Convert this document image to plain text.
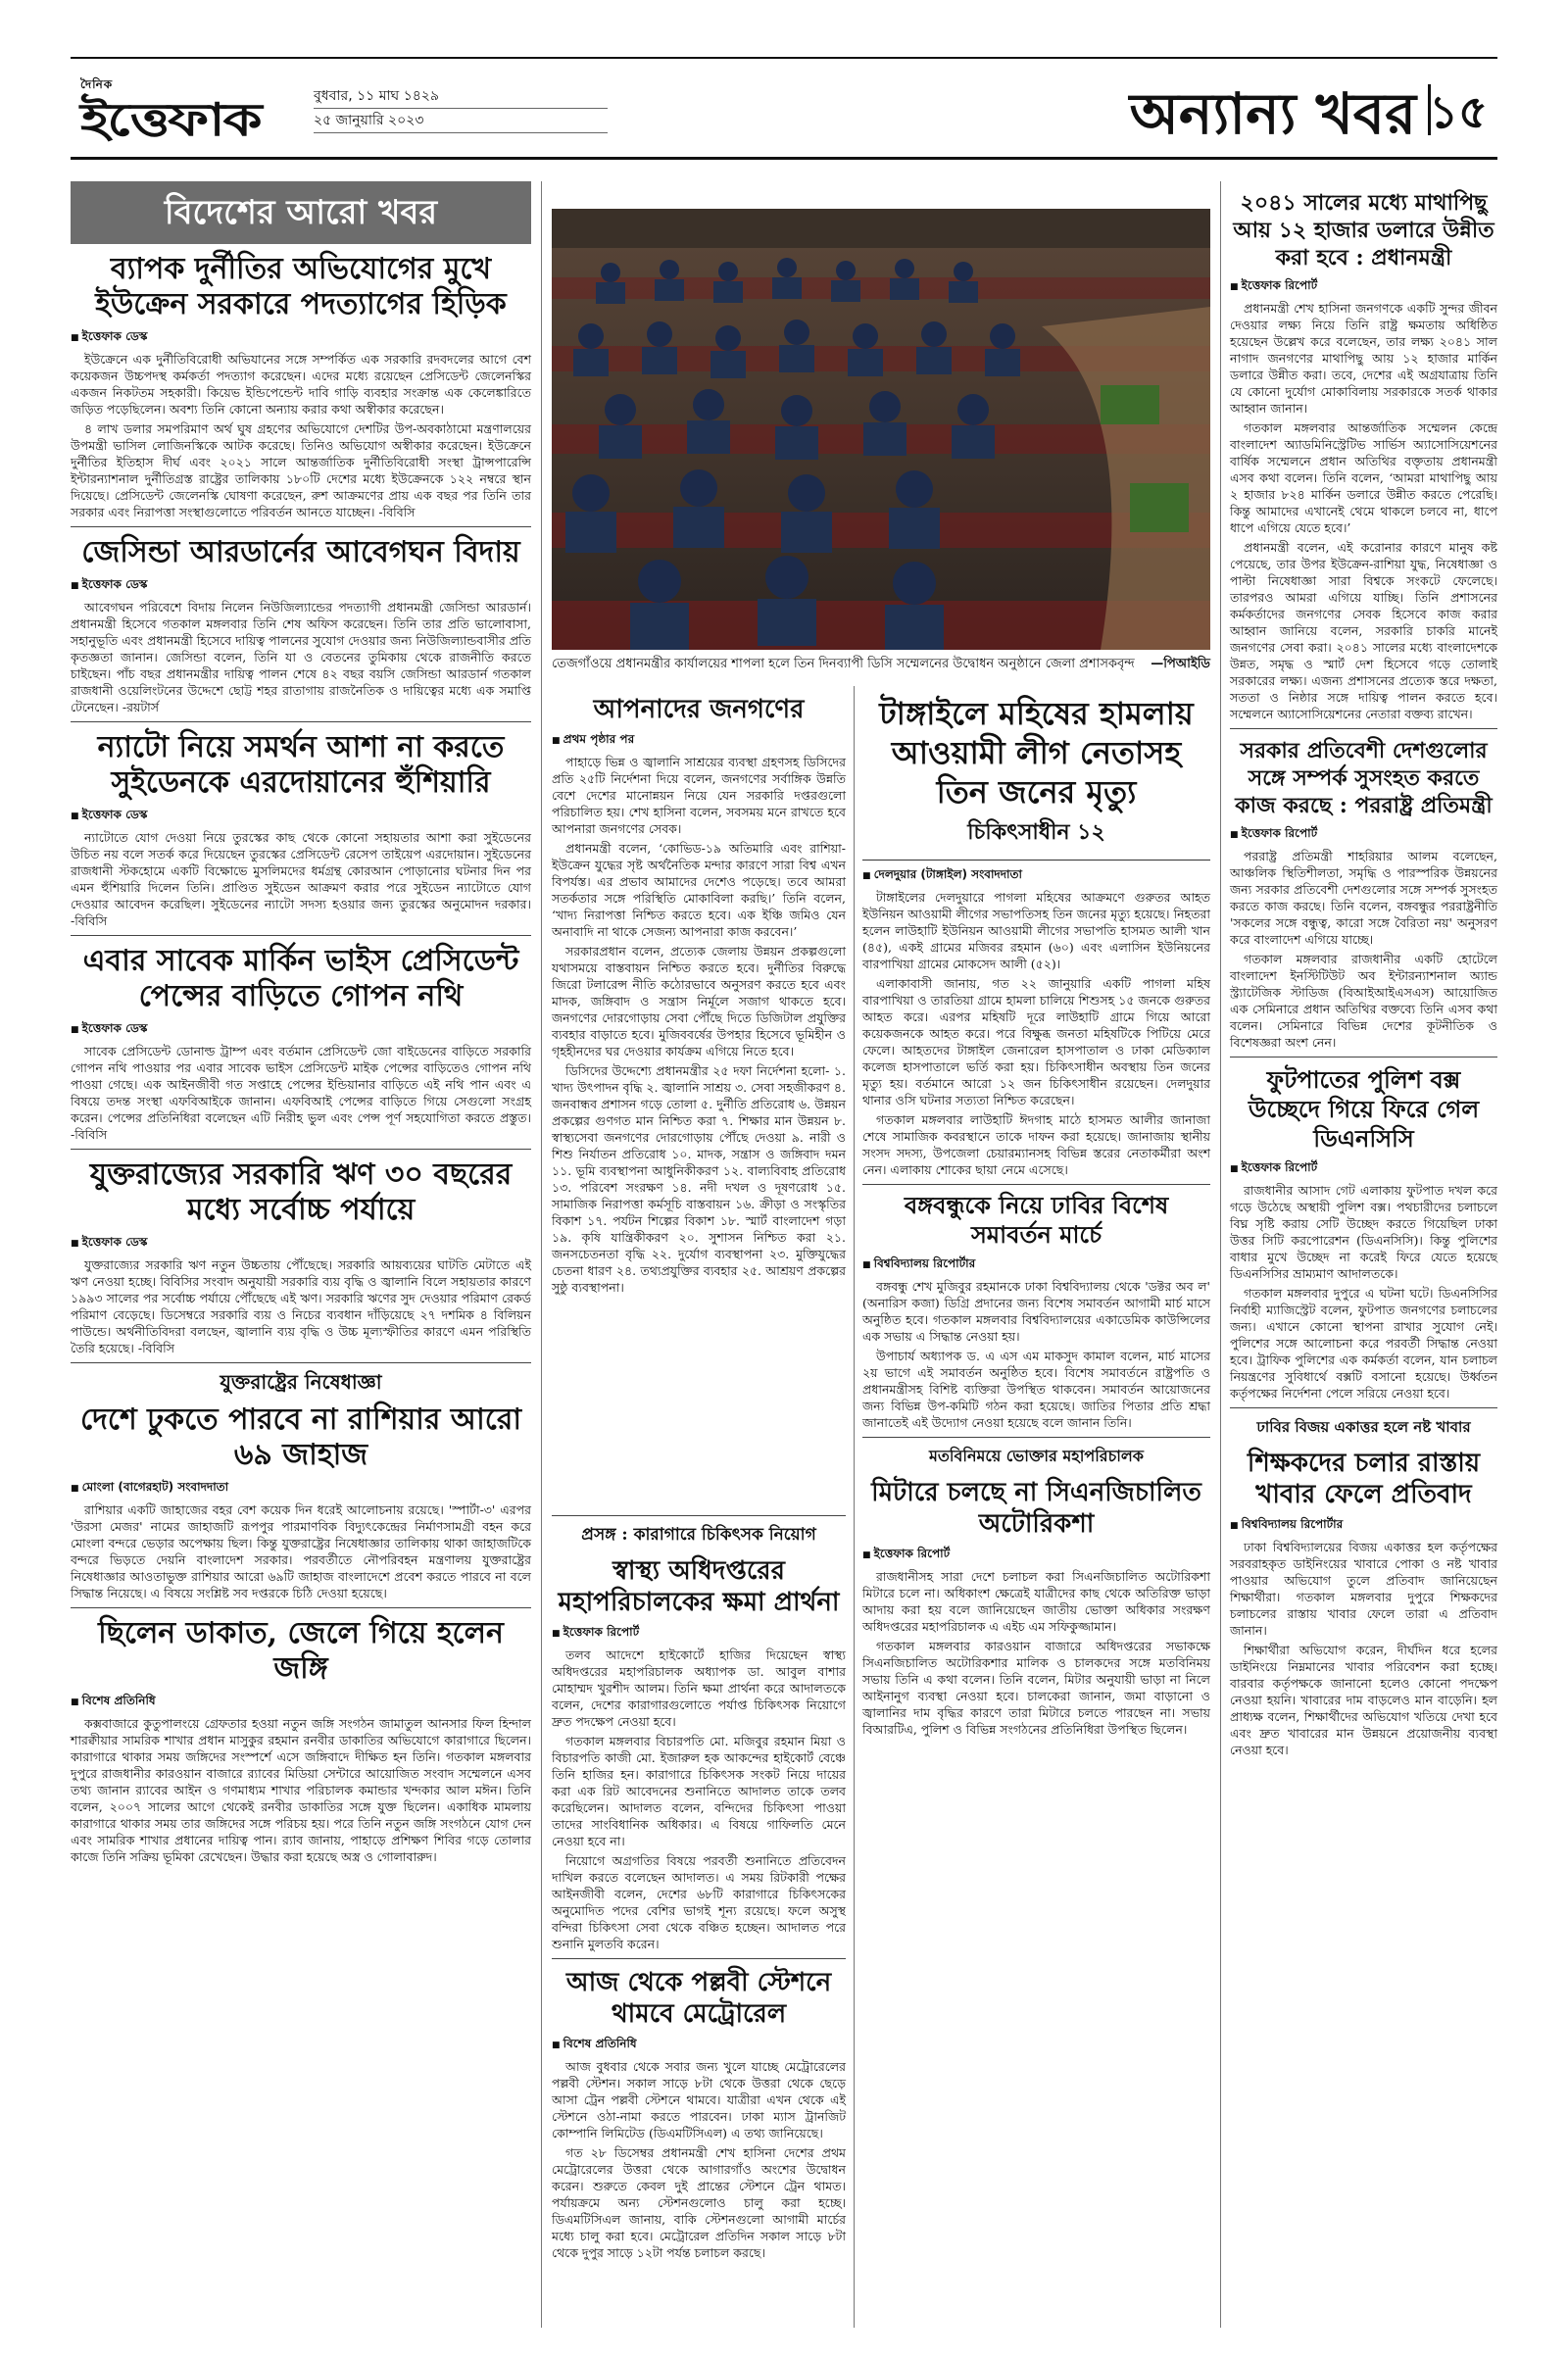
দৈনিক
ইত্তেফাক	বুধবার, ১১ মাঘ ১৪২৯
২৫ জানুয়ারি ২০২৩	অন্যান্য খবর ১৫
বিদেশের আরো খবর
ব্যাপক দুর্নীতির অভিযোগের মুখে ইউক্রেন সরকারে পদত্যাগের হিড়িক
■ ইত্তেফাক ডেস্ক

ইউক্রেনে এক দুর্নীতিবিরোধী অভিযানের সঙ্গে সম্পর্কিত এক সরকারি রদবদলের আগে বেশ কয়েকজন উচ্চপদস্থ কর্মকর্তা পদত্যাগ করেছেন। এদের মধ্যে রয়েছেন প্রেসিডেন্ট জেলেনস্কির একজন নিকটতম সহকারী। কিয়েভ ইন্ডিপেন্ডেন্ট দাবি গাড়ি ব্যবহার সংক্রান্ত এক কেলেঙ্কারিতে জড়িত পড়েছিলেন। অবশ্য তিনি কোনো অন্যায় করার কথা অস্বীকার করেছেন।

৪ লাখ ডলার সমপরিমাণ অর্থ ঘুষ গ্রহণের অভিযোগে দেশটির উপ-অবকাঠামো মন্ত্রণালয়ের উপমন্ত্রী ভাসিল লোজিনস্কিকে আটক করেছে। তিনিও অভিযোগ অস্বীকার করেছেন। ইউক্রেনে দুর্নীতির ইতিহাস দীর্ঘ এবং ২০২১ সালে আন্তর্জাতিক দুর্নীতিবিরোধী সংস্থা ট্রান্সপারেন্সি ইন্টারন্যাশনাল দুর্নীতিগ্রস্ত রাষ্ট্রের তালিকায় ১৮০টি দেশের মধ্যে ইউক্রেনকে ১২২ নম্বরে স্থান দিয়েছে। প্রেসিডেন্ট জেলেনস্কি ঘোষণা করেছেন, রুশ আক্রমণের প্রায় এক বছর পর তিনি তার সরকার এবং নিরাপত্তা সংস্থাগুলোতে পরিবর্তন আনতে যাচ্ছেন। -বিবিসি

জেসিন্ডা আরডার্নের আবেগঘন বিদায়
■ ইত্তেফাক ডেস্ক

আবেগঘন পরিবেশে বিদায় নিলেন নিউজিল্যান্ডের পদত্যাগী প্রধানমন্ত্রী জেসিন্ডা আরডার্ন। প্রধানমন্ত্রী হিসেবে গতকাল মঙ্গলবার তিনি শেষ অফিস করেছেন। তিনি তার প্রতি ভালোবাসা, সহানুভূতি এবং প্রধানমন্ত্রী হিসেবে দায়িত্ব পালনের সুযোগ দেওয়ার জন্য নিউজিল্যান্ডবাসীর প্রতি কৃতজ্ঞতা জানান। জেসিন্ডা বলেন, তিনি যা ও বেতনের তুমিকায় থেকে রাজনীতি করতে চাইছেন। পাঁচ বছর প্রধানমন্ত্রীর দায়িত্ব পালন শেষে ৪২ বছর বয়সি জেসিন্ডা আরডার্ন গতকাল রাজধানী ওয়েলিংটনের উদ্দেশে ছোট্ট শহর রাতাগায় রাজনৈতিক ও দায়িত্বের মধ্যে এক সমাপ্তি টেনেছেন। -রয়টার্স

ন্যাটো নিয়ে সমর্থন আশা না করতে সুইডেনকে এরদোয়ানের হুঁশিয়ারি
■ ইত্তেফাক ডেস্ক

ন্যাটোতে যোগ দেওয়া নিয়ে তুরস্কের কাছ থেকে কোনো সহায়তার আশা করা সুইডেনের উচিত নয় বলে সতর্ক করে দিয়েছেন তুরস্কের প্রেসিডেন্ট রেসেপ তাইয়েপ এরদোয়ান। সুইডেনের রাজধানী স্টকহোমে একটি বিক্ষোভে মুসলিমদের ধর্মগ্রন্থ কোরআন পোড়ানোর ঘটনার দিন পর এমন হুঁশিয়ারি দিলেন তিনি। প্রাণ্ডিত সুইডেন আক্রমণ করার পরে সুইডেন ন্যাটোতে যোগ দেওয়ার আবেদন করেছিল। সুইডেনের ন্যাটো সদস্য হওয়ার জন্য তুরস্কের অনুমোদন দরকার। -বিবিসি

এবার সাবেক মার্কিন ভাইস প্রেসিডেন্ট পেন্সের বাড়িতে গোপন নথি
■ ইত্তেফাক ডেস্ক

সাবেক প্রেসিডেন্ট ডোনাল্ড ট্রাম্প এবং বর্তমান প্রেসিডেন্ট জো বাইডেনের বাড়িতে সরকারি গোপন নথি পাওয়ার পর এবার সাবেক ভাইস প্রেসিডেন্ট মাইক পেন্সের বাড়িতেও গোপন নথি পাওয়া গেছে। এক আইনজীবী গত সপ্তাহে পেন্সের ইন্ডিয়ানার বাড়িতে এই নথি পান এবং এ বিষয়ে তদন্ত সংস্থা এফবিআইকে জানান। এফবিআই পেন্সের বাড়িতে গিয়ে সেগুলো সংগ্রহ করেন। পেন্সের প্রতিনিধিরা বলেছেন এটি নিরীহ ভুল এবং পেন্স পূর্ণ সহযোগিতা করতে প্রস্তুত। -বিবিসি

যুক্তরাজ্যের সরকারি ঋণ ৩০ বছরের মধ্যে সর্বোচ্চ পর্যায়ে
■ ইত্তেফাক ডেস্ক

যুক্তরাজ্যের সরকারি ঋণ নতুন উচ্চতায় পৌঁছেছে। সরকারি আয়ব্যয়ের ঘাটতি মেটাতে এই ঋণ নেওয়া হচ্ছে। বিবিসির সংবাদ অনুযায়ী সরকারি ব্যয় বৃদ্ধি ও জ্বালানি বিলে সহায়তার কারণে ১৯৯৩ সালের পর সর্বোচ্চ পর্যায়ে পৌঁছেছে এই ঋণ। সরকারি ঋণের সুদ দেওয়ার পরিমাণ রেকর্ড পরিমাণ বেড়েছে। ডিসেম্বরে সরকারি ব্যয় ও নিচের ব্যবধান দাঁড়িয়েছে ২৭ দশমিক ৪ বিলিয়ন পাউন্ডে। অর্থনীতিবিদরা বলছেন, জ্বালানি ব্যয় বৃদ্ধি ও উচ্চ মূল্যস্ফীতির কারণে এমন পরিস্থিতি তৈরি হয়েছে। -বিবিসি

যুক্তরাষ্ট্রের নিষেধাজ্ঞা
দেশে ঢুকতে পারবে না রাশিয়ার আরো ৬৯ জাহাজ
■ মোংলা (বাগেরহাট) সংবাদদাতা

রাশিয়ার একটি জাহাজের বহর বেশ কয়েক দিন ধরেই আলোচনায় রয়েছে। 'স্পার্টা-৩' এরপর 'উরসা মেজর' নামের জাহাজটি রূপপুর পারমাণবিক বিদ্যুৎকেন্দ্রের নির্মাণসামগ্রী বহন করে মোংলা বন্দরে ভেড়ার অপেক্ষায় ছিল। কিন্তু যুক্তরাষ্ট্রের নিষেধাজ্ঞার তালিকায় থাকা জাহাজটিকে বন্দরে ভিড়তে দেয়নি বাংলাদেশ সরকার। পরবর্তীতে নৌপরিবহন মন্ত্রণালয় যুক্তরাষ্ট্রের নিষেধাজ্ঞার আওতাভুক্ত রাশিয়ার আরো ৬৯টি জাহাজ বাংলাদেশে প্রবেশ করতে পারবে না বলে সিদ্ধান্ত নিয়েছে। এ বিষয়ে সংশ্লিষ্ট সব দপ্তরকে চিঠি দেওয়া হয়েছে।

ছিলেন ডাকাত, জেলে গিয়ে হলেন জঙ্গি
■ বিশেষ প্রতিনিধি

কক্সবাজারে কুতুপালংয়ে গ্রেফতার হওয়া নতুন জঙ্গি সংগঠন জামাতুল আনসার ফিল হিন্দাল শারক্বীয়ার সামরিক শাখার প্রধান মাসুকুর রহমান রনবীর ডাকাতির অভিযোগে কারাগারে ছিলেন। কারাগারে থাকার সময় জঙ্গিদের সংস্পর্শে এসে জঙ্গিবাদে দীক্ষিত হন তিনি। গতকাল মঙ্গলবার দুপুরে রাজধানীর কারওয়ান বাজারে র‍্যাবের মিডিয়া সেন্টারে আয়োজিত সংবাদ সম্মেলনে এসব তথ্য জানান র‍্যাবের আইন ও গণমাধ্যম শাখার পরিচালক কমান্ডার খন্দকার আল মঈন। তিনি বলেন, ২০০৭ সালের আগে থেকেই রনবীর ডাকাতির সঙ্গে যুক্ত ছিলেন। একাধিক মামলায় কারাগারে থাকার সময় তার জঙ্গিদের সঙ্গে পরিচয় হয়। পরে তিনি নতুন জঙ্গি সংগঠনে যোগ দেন এবং সামরিক শাখার প্রধানের দায়িত্ব পান। র‍্যাব জানায়, পাহাড়ে প্রশিক্ষণ শিবির গড়ে তোলার কাজে তিনি সক্রিয় ভূমিকা রেখেছেন। উদ্ধার করা হয়েছে অস্ত্র ও গোলাবারুদ।

তেজগাঁওয়ে প্রধানমন্ত্রীর কার্যালয়ের শাপলা হলে তিন দিনব্যাপী ডিসি সম্মেলনের উদ্বোধন অনুষ্ঠানে জেলা প্রশাসকবৃন্দ —পিআইডি
আপনাদের জনগণের
■ প্রথম পৃষ্ঠার পর

পাহাড়ে ভিন্ন ও জ্বালানি সাশ্রয়ের ব্যবস্থা গ্রহণসহ ডিসিদের প্রতি ২৫টি নির্দেশনা দিয়ে বলেন, জনগণের সর্বাঙ্গিক উন্নতি বেশে দেশের মানোন্নয়ন নিয়ে যেন সরকারি দপ্তরগুলো পরিচালিত হয়। শেখ হাসিনা বলেন, সবসময় মনে রাখতে হবে আপনারা জনগণের সেবক।

প্রধানমন্ত্রী বলেন, ‘কোভিড-১৯ অতিমারি এবং রাশিয়া-ইউক্রেন যুদ্ধের সৃষ্ট অর্থনৈতিক মন্দার কারণে সারা বিশ্ব এখন বিপর্যস্ত। এর প্রভাব আমাদের দেশেও পড়েছে। তবে আমরা সতর্কতার সঙ্গে পরিস্থিতি মোকাবিলা করছি।’ তিনি বলেন, ‘খাদ্য নিরাপত্তা নিশ্চিত করতে হবে। এক ইঞ্চি জমিও যেন অনাবাদি না থাকে সেজন্য আপনারা কাজ করবেন।’

সরকারপ্রধান বলেন, প্রত্যেক জেলায় উন্নয়ন প্রকল্পগুলো যথাসময়ে বাস্তবায়ন নিশ্চিত করতে হবে। দুর্নীতির বিরুদ্ধে জিরো টলারেন্স নীতি কঠোরভাবে অনুসরণ করতে হবে এবং মাদক, জঙ্গিবাদ ও সন্ত্রাস নির্মূলে সজাগ থাকতে হবে। জনগণের দোরগোড়ায় সেবা পৌঁছে দিতে ডিজিটাল প্রযুক্তির ব্যবহার বাড়াতে হবে। মুজিববর্ষের উপহার হিসেবে ভূমিহীন ও গৃহহীনদের ঘর দেওয়ার কার্যক্রম এগিয়ে নিতে হবে।

ডিসিদের উদ্দেশ্যে প্রধানমন্ত্রীর ২৫ দফা নির্দেশনা হলো- ১. খাদ্য উৎপাদন বৃদ্ধি ২. জ্বালানি সাশ্রয় ৩. সেবা সহজীকরণ ৪. জনবান্ধব প্রশাসন গড়ে তোলা ৫. দুর্নীতি প্রতিরোধ ৬. উন্নয়ন প্রকল্পের গুণগত মান নিশ্চিত করা ৭. শিক্ষার মান উন্নয়ন ৮. স্বাস্থ্যসেবা জনগণের দোরগোড়ায় পৌঁছে দেওয়া ৯. নারী ও শিশু নির্যাতন প্রতিরোধ ১০. মাদক, সন্ত্রাস ও জঙ্গিবাদ দমন ১১. ভূমি ব্যবস্থাপনা আধুনিকীকরণ ১২. বাল্যবিবাহ প্রতিরোধ ১৩. পরিবেশ সংরক্ষণ ১৪. নদী দখল ও দূষণরোধ ১৫. সামাজিক নিরাপত্তা কর্মসূচি বাস্তবায়ন ১৬. ক্রীড়া ও সংস্কৃতির বিকাশ ১৭. পর্যটন শিল্পের বিকাশ ১৮. স্মার্ট বাংলাদেশ গড়া ১৯. কৃষি যান্ত্রিকীকরণ ২০. সুশাসন নিশ্চিত করা ২১. জনসচেতনতা বৃদ্ধি ২২. দুর্যোগ ব্যবস্থাপনা ২৩. মুক্তিযুদ্ধের চেতনা ধারণ ২৪. তথ্যপ্রযুক্তির ব্যবহার ২৫. আশ্রয়ণ প্রকল্পের সুষ্ঠু ব্যবস্থাপনা।

টাঙ্গাইলে মহিষের হামলায় আওয়ামী লীগ নেতাসহ তিন জনের মৃত্যু
চিকিৎসাধীন ১২
■ দেলদুয়ার (টাঙ্গাইল) সংবাদদাতা

টাঙ্গাইলের দেলদুয়ারে পাগলা মহিষের আক্রমণে গুরুতর আহত ইউনিয়ন আওয়ামী লীগের সভাপতিসহ তিন জনের মৃত্যু হয়েছে। নিহতরা হলেন লাউহাটি ইউনিয়ন আওয়ামী লীগের সভাপতি হাসমত আলী খান (৪৫), একই গ্রামের মজিবর রহমান (৬০) এবং এলাসিন ইউনিয়নের বারপাখিয়া গ্রামের মোকসেদ আলী (৫২)।

এলাকাবাসী জানায়, গত ২২ জানুয়ারি একটি পাগলা মহিষ বারপাখিয়া ও তারতিয়া গ্রামে হামলা চালিয়ে শিশুসহ ১৫ জনকে গুরুতর আহত করে। এরপর মহিষটি দূরে লাউহাটি গ্রামে গিয়ে আরো কয়েকজনকে আহত করে। পরে বিক্ষুব্ধ জনতা মহিষটিকে পিটিয়ে মেরে ফেলে। আহতদের টাঙ্গাইল জেনারেল হাসপাতাল ও ঢাকা মেডিক্যাল কলেজ হাসপাতালে ভর্তি করা হয়। চিকিৎসাধীন অবস্থায় তিন জনের মৃত্যু হয়। বর্তমানে আরো ১২ জন চিকিৎসাধীন রয়েছেন। দেলদুয়ার থানার ওসি ঘটনার সত্যতা নিশ্চিত করেছেন।

গতকাল মঙ্গলবার লাউহাটি ঈদগাহ মাঠে হাসমত আলীর জানাজা শেষে সামাজিক কবরস্থানে তাকে দাফন করা হয়েছে। জানাজায় স্থানীয় সংসদ সদস্য, উপজেলা চেয়ারম্যানসহ বিভিন্ন স্তরের নেতাকর্মীরা অংশ নেন। এলাকায় শোকের ছায়া নেমে এসেছে।

বঙ্গবন্ধুকে নিয়ে ঢাবির বিশেষ সমাবর্তন মার্চে
■ বিশ্ববিদ্যালয় রিপোর্টার

বঙ্গবন্ধু শেখ মুজিবুর রহমানকে ঢাকা বিশ্ববিদ্যালয় থেকে 'ডক্টর অব ল' (অনারিস কজা) ডিগ্রি প্রদানের জন্য বিশেষ সমাবর্তন আগামী মার্চ মাসে অনুষ্ঠিত হবে। গতকাল মঙ্গলবার বিশ্ববিদ্যালয়ের একাডেমিক কাউন্সিলের এক সভায় এ সিদ্ধান্ত নেওয়া হয়।

উপাচার্য অধ্যাপক ড. এ এস এম মাকসুদ কামাল বলেন, মার্চ মাসের ২য় ভাগে এই সমাবর্তন অনুষ্ঠিত হবে। বিশেষ সমাবর্তনে রাষ্ট্রপতি ও প্রধানমন্ত্রীসহ বিশিষ্ট ব্যক্তিরা উপস্থিত থাকবেন। সমাবর্তন আয়োজনের জন্য বিভিন্ন উপ-কমিটি গঠন করা হয়েছে। জাতির পিতার প্রতি শ্রদ্ধা জানাতেই এই উদ্যোগ নেওয়া হয়েছে বলে জানান তিনি।

মতবিনিময়ে ভোক্তার মহাপরিচালক
মিটারে চলছে না সিএনজিচালিত অটোরিকশা
■ ইত্তেফাক রিপোর্ট

রাজধানীসহ সারা দেশে চলাচল করা সিএনজিচালিত অটোরিকশা মিটারে চলে না। অধিকাংশ ক্ষেত্রেই যাত্রীদের কাছ থেকে অতিরিক্ত ভাড়া আদায় করা হয় বলে জানিয়েছেন জাতীয় ভোক্তা অধিকার সংরক্ষণ অধিদপ্তরের মহাপরিচালক এ এইচ এম সফিকুজ্জামান।

গতকাল মঙ্গলবার কারওয়ান বাজারে অধিদপ্তরের সভাকক্ষে সিএনজিচালিত অটোরিকশার মালিক ও চালকদের সঙ্গে মতবিনিময় সভায় তিনি এ কথা বলেন। তিনি বলেন, মিটার অনুযায়ী ভাড়া না নিলে আইনানুগ ব্যবস্থা নেওয়া হবে। চালকেরা জানান, জমা বাড়ানো ও জ্বালানির দাম বৃদ্ধির কারণে তারা মিটারে চলতে পারছেন না। সভায় বিআরটিএ, পুলিশ ও বিভিন্ন সংগঠনের প্রতিনিধিরা উপস্থিত ছিলেন।

প্রসঙ্গ : কারাগারে চিকিৎসক নিয়োগ
স্বাস্থ্য অধিদপ্তরের মহাপরিচালকের ক্ষমা প্রার্থনা
■ ইত্তেফাক রিপোর্ট

তলব আদেশে হাইকোর্টে হাজির দিয়েছেন স্বাস্থ্য অধিদপ্তরের মহাপরিচালক অধ্যাপক ডা. আবুল বাশার মোহাম্মদ খুরশীদ আলম। তিনি ক্ষমা প্রার্থনা করে আদালতকে বলেন, দেশের কারাগারগুলোতে পর্যাপ্ত চিকিৎসক নিয়োগে দ্রুত পদক্ষেপ নেওয়া হবে।

গতকাল মঙ্গলবার বিচারপতি মো. মজিবুর রহমান মিয়া ও বিচারপতি কাজী মো. ইজারুল হক আকন্দের হাইকোর্ট বেঞ্চে তিনি হাজির হন। কারাগারে চিকিৎসক সংকট নিয়ে দায়ের করা এক রিট আবেদনের শুনানিতে আদালত তাকে তলব করেছিলেন। আদালত বলেন, বন্দিদের চিকিৎসা পাওয়া তাদের সাংবিধানিক অধিকার। এ বিষয়ে গাফিলতি মেনে নেওয়া হবে না।

নিয়োগে অগ্রগতির বিষয়ে পরবর্তী শুনানিতে প্রতিবেদন দাখিল করতে বলেছেন আদালত। এ সময় রিটকারী পক্ষের আইনজীবী বলেন, দেশের ৬৮টি কারাগারে চিকিৎসকের অনুমোদিত পদের বেশির ভাগই শূন্য রয়েছে। ফলে অসুস্থ বন্দিরা চিকিৎসা সেবা থেকে বঞ্চিত হচ্ছেন। আদালত পরে শুনানি মুলতবি করেন।

আজ থেকে পল্লবী স্টেশনে থামবে মেট্রোরেল
■ বিশেষ প্রতিনিধি

আজ বুধবার থেকে সবার জন্য খুলে যাচ্ছে মেট্রোরেলের পল্লবী স্টেশন। সকাল সাড়ে ৮টা থেকে উত্তরা থেকে ছেড়ে আসা ট্রেন পল্লবী স্টেশনে থামবে। যাত্রীরা এখন থেকে এই স্টেশনে ওঠা-নামা করতে পারবেন। ঢাকা ম্যাস ট্রানজিট কোম্পানি লিমিটেড (ডিএমটিসিএল) এ তথ্য জানিয়েছে।

গত ২৮ ডিসেম্বর প্রধানমন্ত্রী শেখ হাসিনা দেশের প্রথম মেট্রোরেলের উত্তরা থেকে আগারগাঁও অংশের উদ্বোধন করেন। শুরুতে কেবল দুই প্রান্তের স্টেশনে ট্রেন থামত। পর্যায়ক্রমে অন্য স্টেশনগুলোও চালু করা হচ্ছে। ডিএমটিসিএল জানায়, বাকি স্টেশনগুলো আগামী মার্চের মধ্যে চালু করা হবে। মেট্রোরেল প্রতিদিন সকাল সাড়ে ৮টা থেকে দুপুর সাড়ে ১২টা পর্যন্ত চলাচল করছে।

২০৪১ সালের মধ্যে মাথাপিছু আয় ১২ হাজার ডলারে উন্নীত করা হবে : প্রধানমন্ত্রী
■ ইত্তেফাক রিপোর্ট

প্রধানমন্ত্রী শেখ হাসিনা জনগণকে একটি সুন্দর জীবন দেওয়ার লক্ষ্য নিয়ে তিনি রাষ্ট্র ক্ষমতায় অধিষ্ঠিত হয়েছেন উল্লেখ করে বলেছেন, তার লক্ষ্য ২০৪১ সাল নাগাদ জনগণের মাথাপিছু আয় ১২ হাজার মার্কিন ডলারে উন্নীত করা। তবে, দেশের এই অগ্রযাত্রায় তিনি যে কোনো দুর্যোগ মোকাবিলায় সরকারকে সতর্ক থাকার আহ্বান জানান।

গতকাল মঙ্গলবার আন্তর্জাতিক সম্মেলন কেন্দ্রে বাংলাদেশ অ্যাডমিনিস্ট্রেটিভ সার্ভিস অ্যাসোসিয়েশনের বার্ষিক সম্মেলনে প্রধান অতিথির বক্তৃতায় প্রধানমন্ত্রী এসব কথা বলেন। তিনি বলেন, ‘আমরা মাথাপিছু আয় ২ হাজার ৮২৪ মার্কিন ডলারে উন্নীত করতে পেরেছি। কিন্তু আমাদের এখানেই থেমে থাকলে চলবে না, ধাপে ধাপে এগিয়ে যেতে হবে।’

প্রধানমন্ত্রী বলেন, এই করোনার কারণে মানুষ কষ্ট পেয়েছে, তার উপর ইউক্রেন-রাশিয়া যুদ্ধ, নিষেধাজ্ঞা ও পাল্টা নিষেধাজ্ঞা সারা বিশ্বকে সংকটে ফেলেছে। তারপরও আমরা এগিয়ে যাচ্ছি। তিনি প্রশাসনের কর্মকর্তাদের জনগণের সেবক হিসেবে কাজ করার আহ্বান জানিয়ে বলেন, সরকারি চাকরি মানেই জনগণের সেবা করা। ২০৪১ সালের মধ্যে বাংলাদেশকে উন্নত, সমৃদ্ধ ও স্মার্ট দেশ হিসেবে গড়ে তোলাই সরকারের লক্ষ্য। এজন্য প্রশাসনের প্রত্যেক স্তরে দক্ষতা, সততা ও নিষ্ঠার সঙ্গে দায়িত্ব পালন করতে হবে। সম্মেলনে অ্যাসোসিয়েশনের নেতারা বক্তব্য রাখেন।

সরকার প্রতিবেশী দেশগুলোর সঙ্গে সম্পর্ক সুসংহত করতে কাজ করছে : পররাষ্ট্র প্রতিমন্ত্রী
■ ইত্তেফাক রিপোর্ট

পররাষ্ট্র প্রতিমন্ত্রী শাহরিয়ার আলম বলেছেন, আঞ্চলিক স্থিতিশীলতা, সমৃদ্ধি ও পারস্পরিক উন্নয়নের জন্য সরকার প্রতিবেশী দেশগুলোর সঙ্গে সম্পর্ক সুসংহত করতে কাজ করছে। তিনি বলেন, বঙ্গবন্ধুর পররাষ্ট্রনীতি 'সকলের সঙ্গে বন্ধুত্ব, কারো সঙ্গে বৈরিতা নয়' অনুসরণ করে বাংলাদেশ এগিয়ে যাচ্ছে।

গতকাল মঙ্গলবার রাজধানীর একটি হোটেলে বাংলাদেশ ইনস্টিটিউট অব ইন্টারন্যাশনাল অ্যান্ড স্ট্র্যাটেজিক স্টাডিজ (বিআইআইএসএস) আয়োজিত এক সেমিনারে প্রধান অতিথির বক্তব্যে তিনি এসব কথা বলেন। সেমিনারে বিভিন্ন দেশের কূটনীতিক ও বিশেষজ্ঞরা অংশ নেন।

ফুটপাতের পুলিশ বক্স উচ্ছেদে গিয়ে ফিরে গেল ডিএনসিসি
■ ইত্তেফাক রিপোর্ট

রাজধানীর আসাদ গেট এলাকায় ফুটপাত দখল করে গড়ে উঠেছে অস্থায়ী পুলিশ বক্স। পথচারীদের চলাচলে বিঘ্ন সৃষ্টি করায় সেটি উচ্ছেদ করতে গিয়েছিল ঢাকা উত্তর সিটি করপোরেশন (ডিএনসিসি)। কিন্তু পুলিশের বাধার মুখে উচ্ছেদ না করেই ফিরে যেতে হয়েছে ডিএনসিসির ভ্রাম্যমাণ আদালতকে।

গতকাল মঙ্গলবার দুপুরে এ ঘটনা ঘটে। ডিএনসিসির নির্বাহী ম্যাজিস্ট্রেট বলেন, ফুটপাত জনগণের চলাচলের জন্য। এখানে কোনো স্থাপনা রাখার সুযোগ নেই। পুলিশের সঙ্গে আলোচনা করে পরবর্তী সিদ্ধান্ত নেওয়া হবে। ট্রাফিক পুলিশের এক কর্মকর্তা বলেন, যান চলাচল নিয়ন্ত্রণের সুবিধার্থে বক্সটি বসানো হয়েছে। উর্ধ্বতন কর্তৃপক্ষের নির্দেশনা পেলে সরিয়ে নেওয়া হবে।

ঢাবির বিজয় একাত্তর হলে নষ্ট খাবার
শিক্ষকদের চলার রাস্তায় খাবার ফেলে প্রতিবাদ
■ বিশ্ববিদ্যালয় রিপোর্টার

ঢাকা বিশ্ববিদ্যালয়ের বিজয় একাত্তর হল কর্তৃপক্ষের সরবরাহকৃত ডাইনিংয়ের খাবারে পোকা ও নষ্ট খাবার পাওয়ার অভিযোগ তুলে প্রতিবাদ জানিয়েছেন শিক্ষার্থীরা। গতকাল মঙ্গলবার দুপুরে শিক্ষকদের চলাচলের রাস্তায় খাবার ফেলে তারা এ প্রতিবাদ জানান।

শিক্ষার্থীরা অভিযোগ করেন, দীর্ঘদিন ধরে হলের ডাইনিংয়ে নিম্নমানের খাবার পরিবেশন করা হচ্ছে। বারবার কর্তৃপক্ষকে জানানো হলেও কোনো পদক্ষেপ নেওয়া হয়নি। খাবারের দাম বাড়লেও মান বাড়েনি। হল প্রাধ্যক্ষ বলেন, শিক্ষার্থীদের অভিযোগ খতিয়ে দেখা হবে এবং দ্রুত খাবারের মান উন্নয়নে প্রয়োজনীয় ব্যবস্থা নেওয়া হবে।
